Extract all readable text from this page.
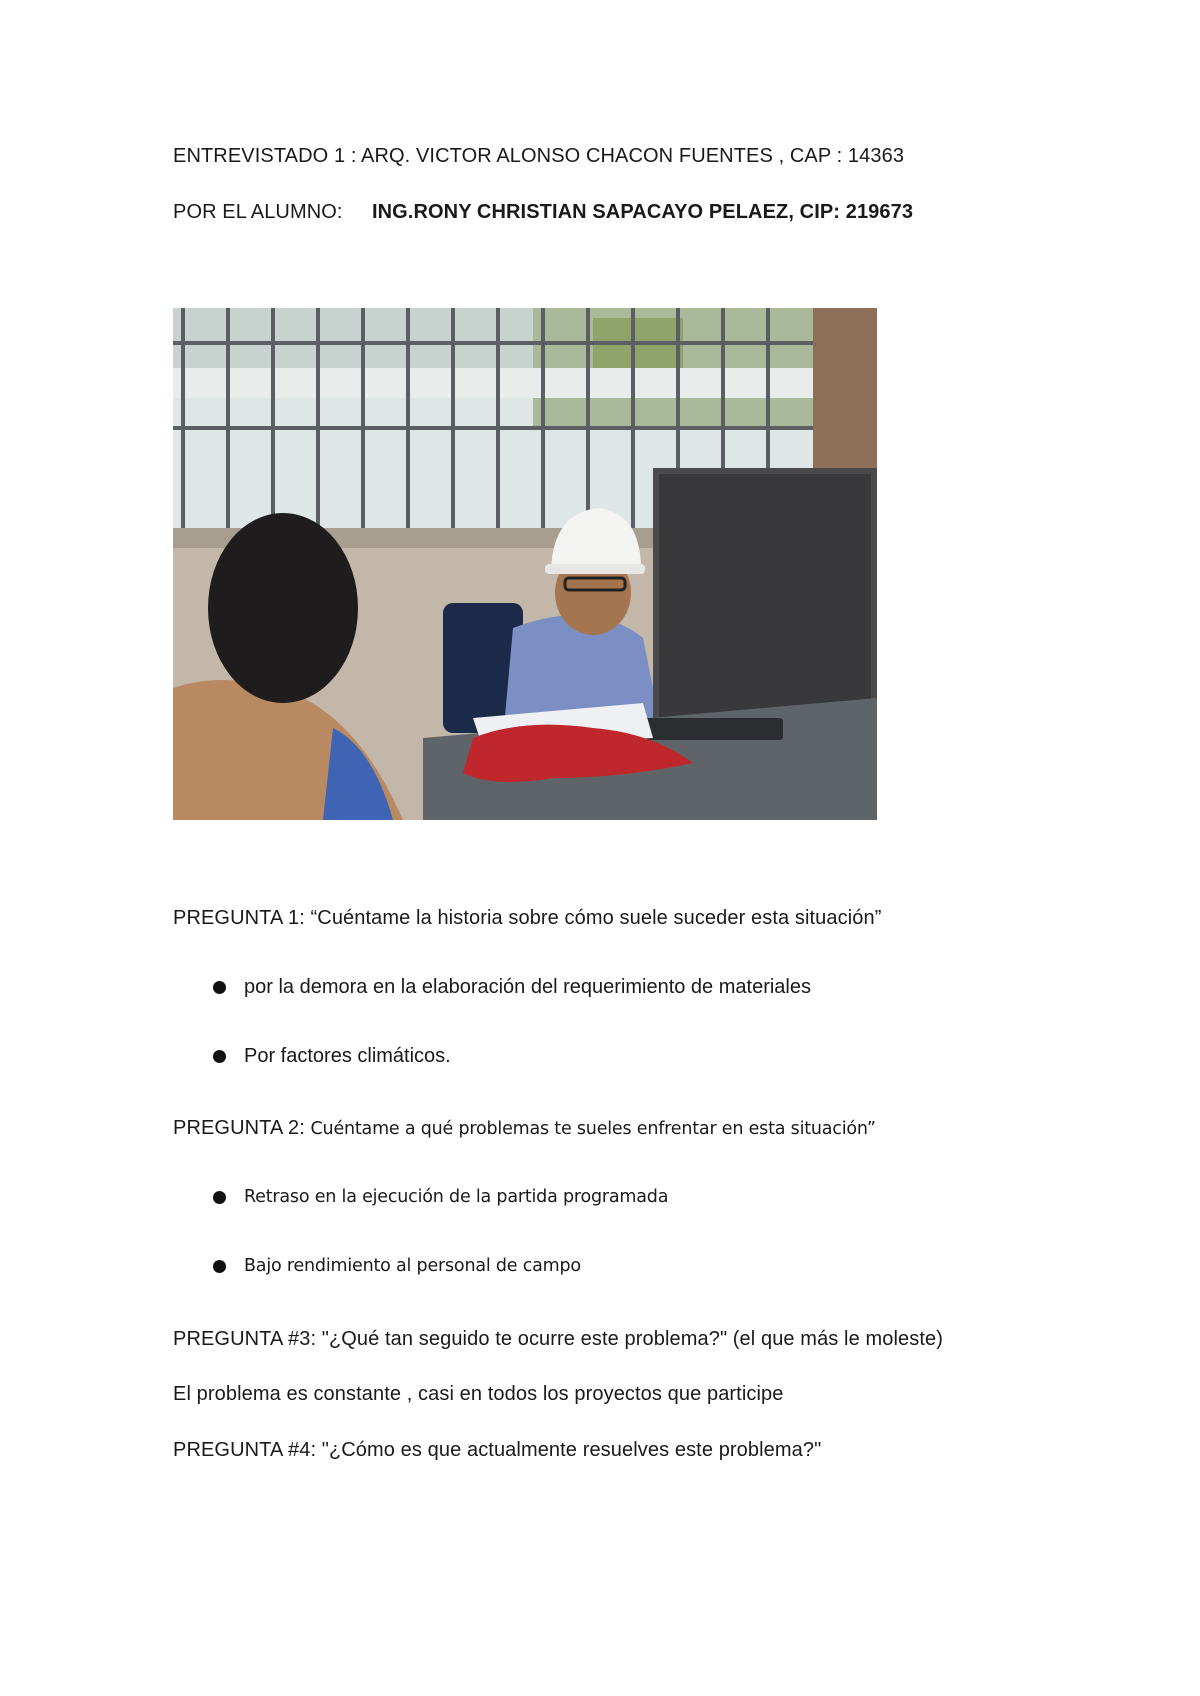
ENTREVISTADO 1 : ARQ. VICTOR ALONSO CHACON FUENTES , CAP : 14363
POR EL ALUMNO: ING.RONY CHRISTIAN SAPACAYO PELAEZ, CIP: 219673
PREGUNTA 1: “Cuéntame la historia sobre cómo suele suceder esta situación”
por la demora en la elaboración del requerimiento de materiales
Por factores climáticos.
PREGUNTA 2: Cuéntame a qué problemas te sueles enfrentar en esta situación”
Retraso en la ejecución de la partida programada
Bajo rendimiento al personal de campo
PREGUNTA #3: "¿Qué tan seguido te ocurre este problema?" (el que más le moleste)
El problema es constante , casi en todos los proyectos que participe
PREGUNTA #4: "¿Cómo es que actualmente resuelves este problema?"
